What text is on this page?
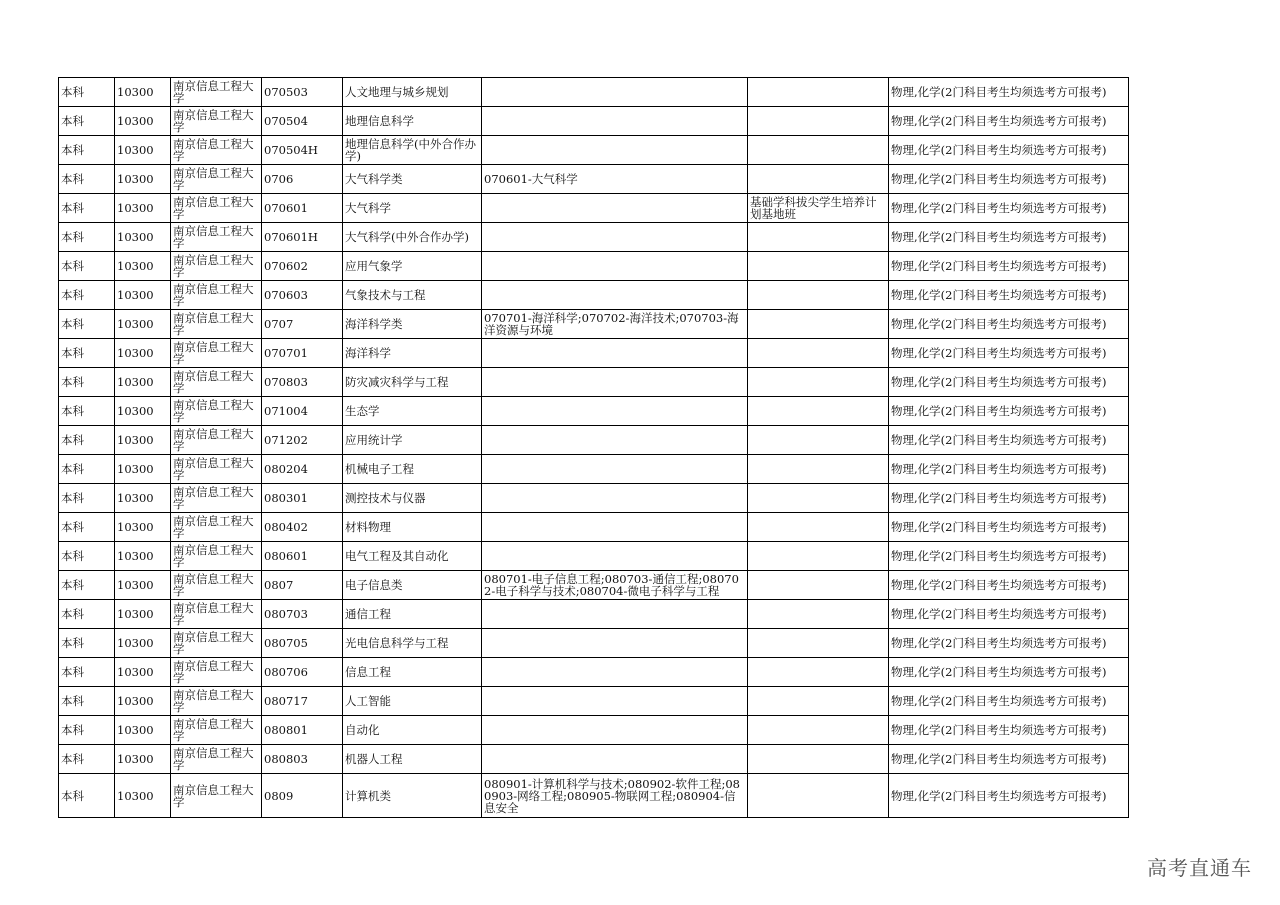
本科	10300	南京信息工程大学	070503	人文地理与城乡规划			物理,化学(2门科目考生均须选考方可报考)
本科	10300	南京信息工程大学	070504	地理信息科学			物理,化学(2门科目考生均须选考方可报考)
本科	10300	南京信息工程大学	070504H	地理信息科学(中外合作办学)			物理,化学(2门科目考生均须选考方可报考)
本科	10300	南京信息工程大学	0706	大气科学类	070601-大气科学		物理,化学(2门科目考生均须选考方可报考)
本科	10300	南京信息工程大学	070601	大气科学		基础学科拔尖学生培养计划基地班	物理,化学(2门科目考生均须选考方可报考)
本科	10300	南京信息工程大学	070601H	大气科学(中外合作办学)			物理,化学(2门科目考生均须选考方可报考)
本科	10300	南京信息工程大学	070602	应用气象学			物理,化学(2门科目考生均须选考方可报考)
本科	10300	南京信息工程大学	070603	气象技术与工程			物理,化学(2门科目考生均须选考方可报考)
本科	10300	南京信息工程大学	0707	海洋科学类	070701-海洋科学;070702-海洋技术;070703-海洋资源与环境		物理,化学(2门科目考生均须选考方可报考)
本科	10300	南京信息工程大学	070701	海洋科学			物理,化学(2门科目考生均须选考方可报考)
本科	10300	南京信息工程大学	070803	防灾减灾科学与工程			物理,化学(2门科目考生均须选考方可报考)
本科	10300	南京信息工程大学	071004	生态学			物理,化学(2门科目考生均须选考方可报考)
本科	10300	南京信息工程大学	071202	应用统计学			物理,化学(2门科目考生均须选考方可报考)
本科	10300	南京信息工程大学	080204	机械电子工程			物理,化学(2门科目考生均须选考方可报考)
本科	10300	南京信息工程大学	080301	测控技术与仪器			物理,化学(2门科目考生均须选考方可报考)
本科	10300	南京信息工程大学	080402	材料物理			物理,化学(2门科目考生均须选考方可报考)
本科	10300	南京信息工程大学	080601	电气工程及其自动化			物理,化学(2门科目考生均须选考方可报考)
本科	10300	南京信息工程大学	0807	电子信息类	080701-电子信息工程;080703-通信工程;080702-电子科学与技术;080704-微电子科学与工程		物理,化学(2门科目考生均须选考方可报考)
本科	10300	南京信息工程大学	080703	通信工程			物理,化学(2门科目考生均须选考方可报考)
本科	10300	南京信息工程大学	080705	光电信息科学与工程			物理,化学(2门科目考生均须选考方可报考)
本科	10300	南京信息工程大学	080706	信息工程			物理,化学(2门科目考生均须选考方可报考)
本科	10300	南京信息工程大学	080717	人工智能			物理,化学(2门科目考生均须选考方可报考)
本科	10300	南京信息工程大学	080801	自动化			物理,化学(2门科目考生均须选考方可报考)
本科	10300	南京信息工程大学	080803	机器人工程			物理,化学(2门科目考生均须选考方可报考)
本科	10300	南京信息工程大学	0809	计算机类	080901-计算机科学与技术;080902-软件工程;080903-网络工程;080905-物联网工程;080904-信息安全		物理,化学(2门科目考生均须选考方可报考)
高考直通车
